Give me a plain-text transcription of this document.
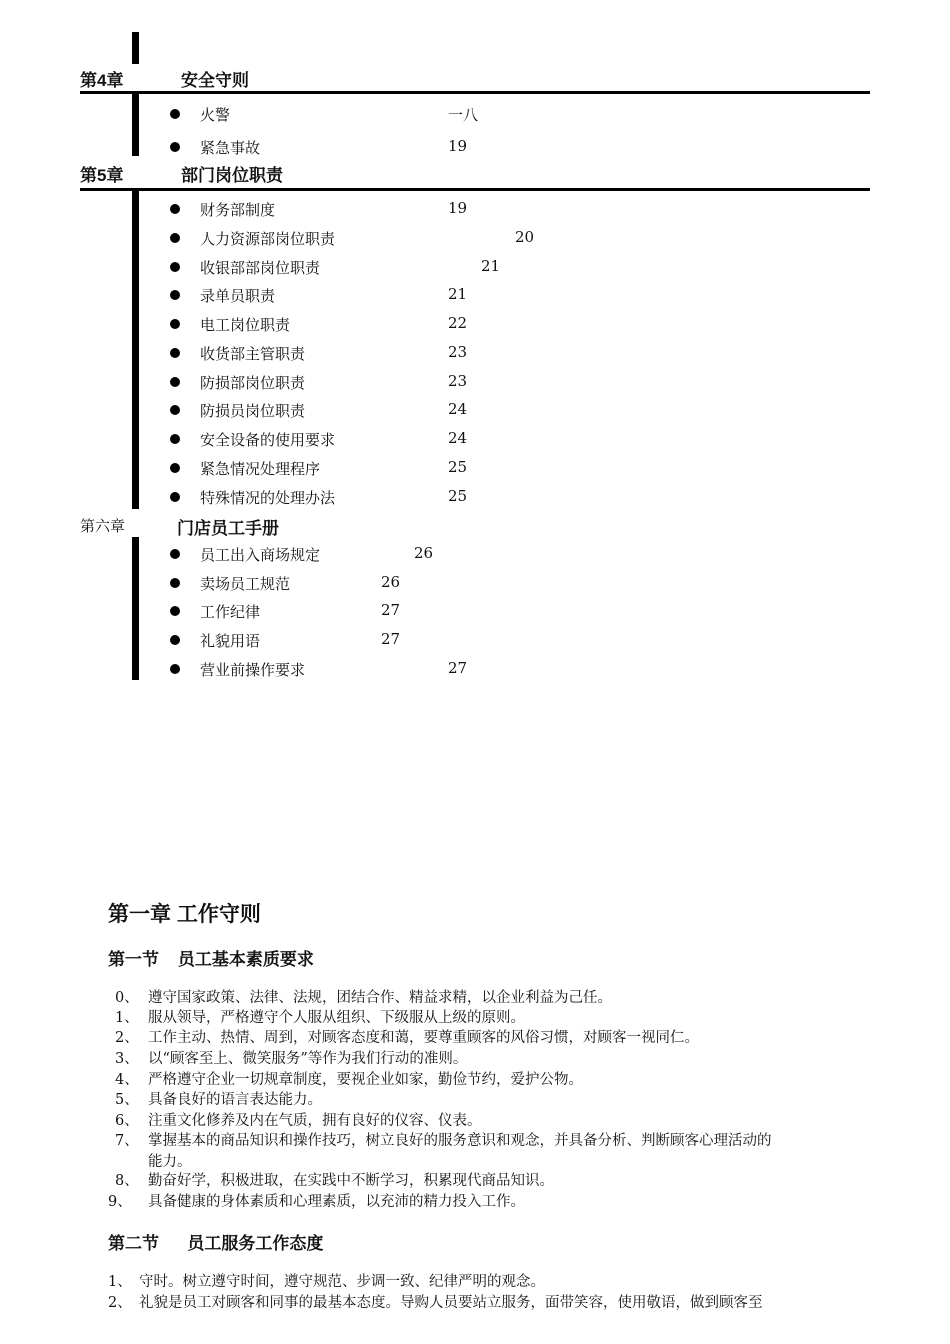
第4章	安全守则
火警	一八
紧急事故	19
第5章	部门岗位职责
财务部制度	19
人力资源部岗位职责	20
收银部部岗位职责	21
录单员职责	21
电工岗位职责	22
收货部主管职责	23
防损部岗位职责	23
防损员岗位职责	24
安全设备的使用要求	24
紧急情况处理程序	25
特殊情况的处理办法	25
第六章	门店员工手册
员工出入商场规定	26
卖场员工规范	26
工作纪律	27
礼貌用语	27
营业前操作要求	27
第一章 工作守则
第一节    员工基本素质要求
0、 遵守国家政策、法律、法规，团结合作、精益求精，以企业利益为己任。
1、 服从领导，严格遵守个人服从组织、下级服从上级的原则。
2、 工作主动、热情、周到，对顾客态度和蔼，要尊重顾客的风俗习惯，对顾客一视同仁。
3、 以“顾客至上、微笑服务”等作为我们行动的准则。
4、 严格遵守企业一切规章制度，要视企业如家，勤俭节约，爱护公物。
5、 具备良好的语言表达能力。
6、 注重文化修养及内在气质，拥有良好的仪容、仪表。
7、 掌握基本的商品知识和操作技巧，树立良好的服务意识和观念，并具备分析、判断顾客心理活动的
能力。
8、 勤奋好学，积极进取，在实践中不断学习，积累现代商品知识。
9、 具备健康的身体素质和心理素质，以充沛的精力投入工作。
第二节      员工服务工作态度
1、 守时。树立遵守时间，遵守规范、步调一致、纪律严明的观念。
2、 礼貌是员工对顾客和同事的最基本态度。导购人员要站立服务，面带笑容，使用敬语，做到顾客至
